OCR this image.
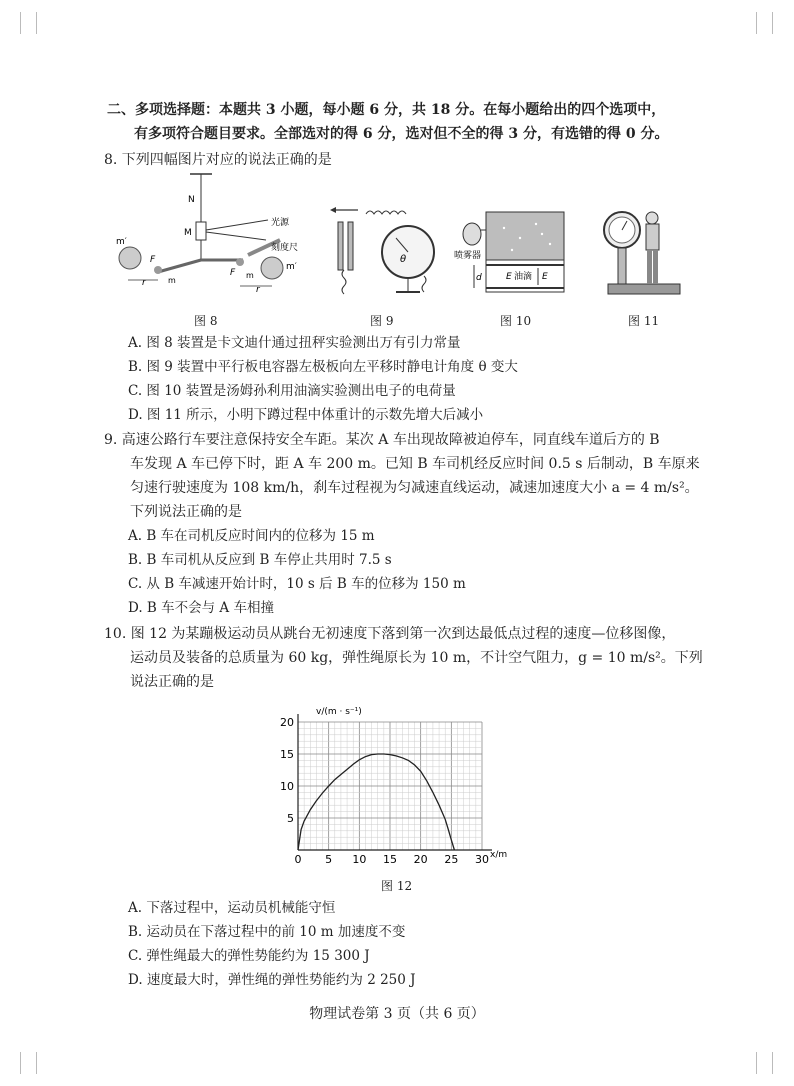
二、多项选择题：本题共 3 小题，每小题 6 分，共 18 分。在每小题给出的四个选项中，
有多项符合题目要求。全部选对的得 6 分，选对但不全的得 3 分，有选错的得 0 分。
8. 下列四幅图片对应的说法正确的是
N
M
光源
刻度尺
m′
m′
m
m
F
F
r
r
图 8
θ
图 9
喷雾器
d	E 油滴 E
图 10	图 11
A. 图 8 装置是卡文迪什通过扭秤实验测出万有引力常量
B. 图 9 装置中平行板电容器左极板向左平移时静电计角度 θ 变大
C. 图 10 装置是汤姆孙利用油滴实验测出电子的电荷量
D. 图 11 所示，小明下蹲过程中体重计的示数先增大后减小
9. 高速公路行车要注意保持安全车距。某次 A 车出现故障被迫停车，同直线车道后方的 B
车发现 A 车已停下时，距 A 车 200 m。已知 B 车司机经反应时间 0.5 s 后制动，B 车原来
匀速行驶速度为 108 km/h，刹车过程视为匀减速直线运动，减速加速度大小 a = 4 m/s²。
下列说法正确的是
A. B 车在司机反应时间内的位移为 15 m
B. B 车司机从反应到 B 车停止共用时 7.5 s
C. 从 B 车减速开始计时，10 s 后 B 车的位移为 150 m
D. B 车不会与 A 车相撞
10. 图 12 为某蹦极运动员从跳台无初速度下落到第一次到达最低点过程的速度—位移图像，
运动员及装备的总质量为 60 kg，弹性绳原长为 10 m，不计空气阻力，g = 10 m/s²。下列
说法正确的是
0 5 10 15 20 25 30
5
10
15
20
v/(m · s⁻¹)
x/m
图 12
A. 下落过程中，运动员机械能守恒
B. 运动员在下落过程中的前 10 m 加速度不变
C. 弹性绳最大的弹性势能约为 15 300 J
D. 速度最大时，弹性绳的弹性势能约为 2 250 J
物理试卷第 3 页（共 6 页）
